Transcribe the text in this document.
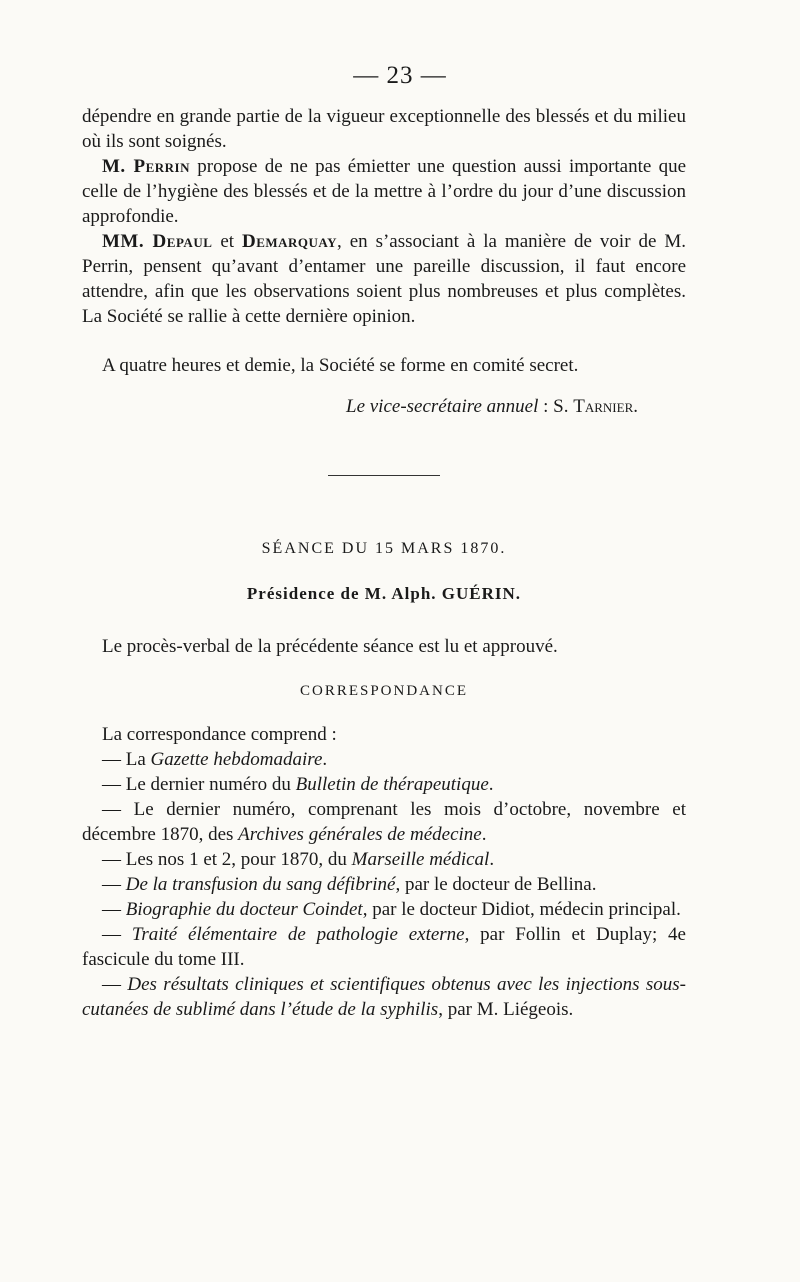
— 23 —

dépendre en grande partie de la vigueur exceptionnelle des blessés et du milieu où ils sont soignés.

M. Perrin propose de ne pas émietter une question aussi importante que celle de l’hygiène des blessés et de la mettre à l’ordre du jour d’une discussion approfondie.

MM. Depaul et Demarquay, en s’associant à la manière de voir de M. Perrin, pensent qu’avant d’entamer une pareille discussion, il faut encore attendre, afin que les observations soient plus nombreuses et plus complètes. La Société se rallie à cette dernière opinion.

A quatre heures et demie, la Société se forme en comité secret.

Le vice-secrétaire annuel : S. Tarnier.

SÉANCE DU 15 MARS 1870.
Présidence de M. Alph. GUÉRIN.

Le procès-verbal de la précédente séance est lu et approuvé.

CORRESPONDANCE

La correspondance comprend :

— La Gazette hebdomadaire.

— Le dernier numéro du Bulletin de thérapeutique.

— Le dernier numéro, comprenant les mois d’octobre, novembre et décembre 1870, des Archives générales de médecine.

— Les nos 1 et 2, pour 1870, du Marseille médical.

— De la transfusion du sang défibriné, par le docteur de Bellina.

— Biographie du docteur Coindet, par le docteur Didiot, médecin principal.

— Traité élémentaire de pathologie externe, par Follin et Duplay; 4e fascicule du tome III.

— Des résultats cliniques et scientifiques obtenus avec les injections sous-cutanées de sublimé dans l’étude de la syphilis, par M. Liégeois.
